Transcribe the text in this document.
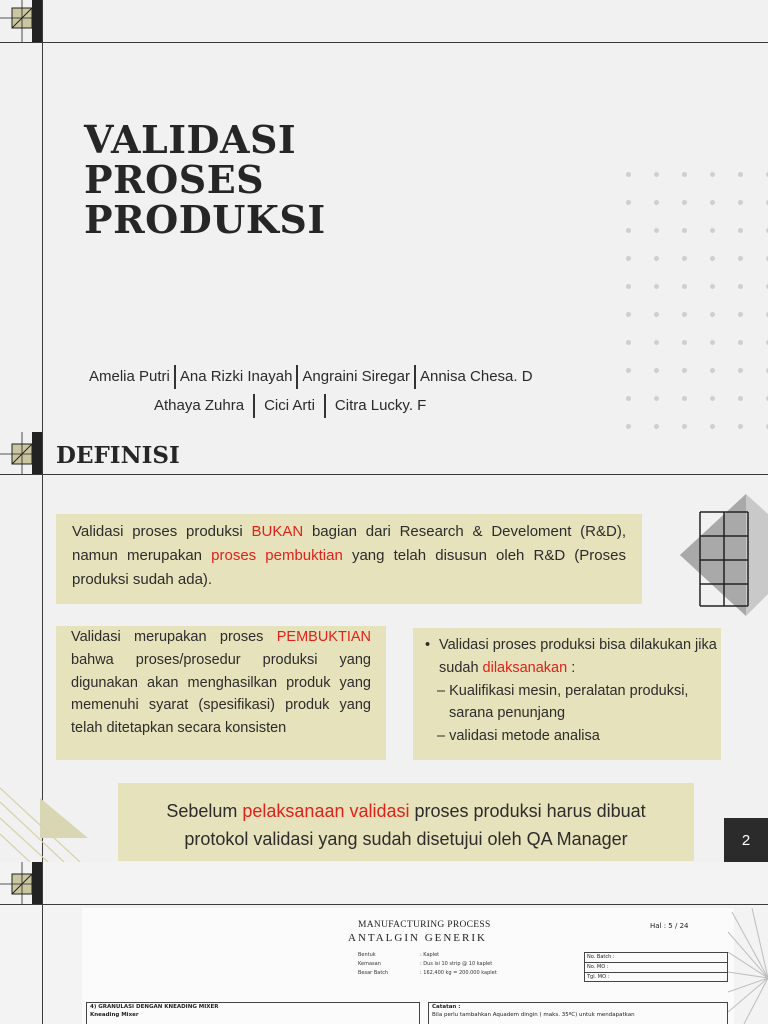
VALIDASI
PROSES
PRODUKSI
Amelia Putri Ana Rizki Inayah Angraini Siregar Annisa Chesa. D
Athaya Zuhra Cici Arti Citra Lucky. F
DEFINISI
Validasi proses produksi BUKAN bagian dari Research & Develoment (R&D), namun merupakan proses pembuktian yang telah disusun oleh R&D (Proses produksi sudah ada).
Validasi merupakan proses PEMBUKTIAN bahwa proses/prosedur produksi yang digunakan akan menghasilkan produk yang memenuhi syarat (spesifikasi) produk yang telah ditetapkan secara konsisten
• Validasi proses produksi bisa dilakukan jika sudah dilaksanakan :
– Kualifikasi mesin, peralatan produksi, sarana penunjang
– validasi metode analisa
Sebelum pelaksanaan validasi proses produksi harus dibuat protokol validasi yang sudah disetujui oleh QA Manager	2
MANUFACTURING PROCESS
ANTALGIN GENERIK
Hal : 5 / 24
Bentuk
Kemasan
Besar Batch
: Kaplet
: Dus isi 10 strip @ 10 kaplet
: 162,400 kg = 200.000 kaplet
No. Batch :
No. MO :
Tgl. MO :
4) GRANULASI DENGAN KNEADING MIXER
Kneading Mixer
Catatan :
Bila perlu tambahkan Aquadem dingin ( maks. 35ºC) untuk mendapatkan
